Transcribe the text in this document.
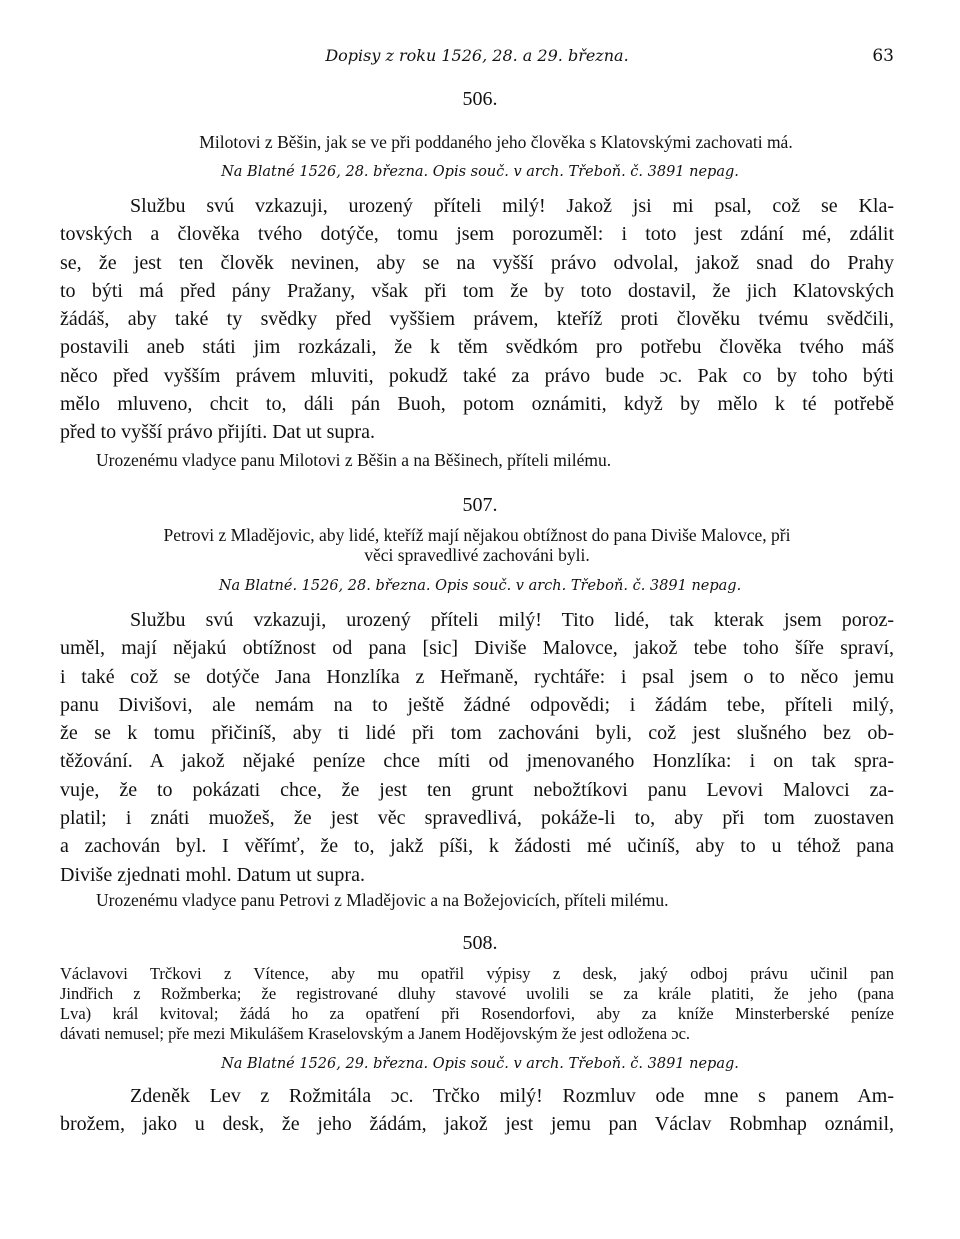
Dopisy z roku 1526, 28. a 29. března.	63
506.
Milotovi z Běšin, jak se ve při poddaného jeho člověka s Klatovskými zachovati má.
Na Blatné 1526, 28. března. Opis souč. v arch. Třeboň. č. 3891 nepag.
Službu svú vzkazuji, urozený příteli milý! Jakož jsi mi psal, což se Kla-
tovských a člověka tvého dotýče, tomu jsem porozuměl: i toto jest zdání mé, zdálit
se, že jest ten člověk nevinen, aby se na vyšší právo odvolal, jakož snad do Prahy
to býti má před pány Pražany, však při tom že by toto dostavil, že jich Klatovských
žádáš, aby také ty svědky před vyššiem právem, kteříž proti člověku tvému svědčili,
postavili aneb státi jim rozkázali, že k těm svědkóm pro potřebu člověka tvého máš
něco před vyšším právem mluviti, pokudž také za právo bude ɔc. Pak co by toho býti
mělo mluveno, chcit to, dáli pán Buoh, potom oznámiti, když by mělo k té potřebě
před to vyšší právo přijíti. Dat ut supra.
Urozenému vladyce panu Milotovi z Běšin a na Běšinech, příteli milému.
507.
Petrovi z Mladějovic, aby lidé, kteříž mají nějakou obtížnost do pana Diviše Malovce, při
věci spravedlivé zachováni byli.
Na Blatné. 1526, 28. března. Opis souč. v arch. Třeboň. č. 3891 nepag.
Službu svú vzkazuji, urozený příteli milý! Tito lidé, tak kterak jsem poroz-
uměl, mají nějakú obtížnost od pana [sic] Diviše Malovce, jakož tebe toho šíře spraví,
i také což se dotýče Jana Honzlíka z Heřmaně, rychtáře: i psal jsem o to něco jemu
panu Divišovi, ale nemám na to ještě žádné odpovědi; i žádám tebe, příteli milý,
že se k tomu přičiníš, aby ti lidé při tom zachováni byli, což jest slušného bez ob-
těžování. A jakož nějaké peníze chce míti od jmenovaného Honzlíka: i on tak spra-
vuje, že to pokázati chce, že jest ten grunt nebožtíkovi panu Levovi Malovci za-
platil; i znáti muožeš, že jest věc spravedlivá, pokáže-li to, aby při tom zuostaven
a zachován byl. I věřímť, že to, jakž píši, k žádosti mé učiníš, aby to u téhož pana
Diviše zjednati mohl. Datum ut supra.
Urozenému vladyce panu Petrovi z Mladějovic a na Božejovicích, příteli milému.
508.
Václavovi Trčkovi z Vítence, aby mu opatřil výpisy z desk, jaký odboj právu učinil pan
Jindřich z Rožmberka; že registrované dluhy stavové uvolili se za krále platiti, že jeho (pana
Lva) král kvitoval; žádá ho za opatření při Rosendorfovi, aby za knížе Minsterberské peníze
dávati nemusel; pře mezi Mikulášem Kraselovským a Janem Hodějovským že jest odložena ɔc.
Na Blatné 1526, 29. března. Opis souč. v arch. Třeboň. č. 3891 nepag.
Zdeněk Lev z Rožmitála ɔc. Trčko milý! Rozmluv ode mne s panem Am-
brožem, jako u desk, že jeho žádám, jakož jest jemu pan Václav Robmhap oznámil,
